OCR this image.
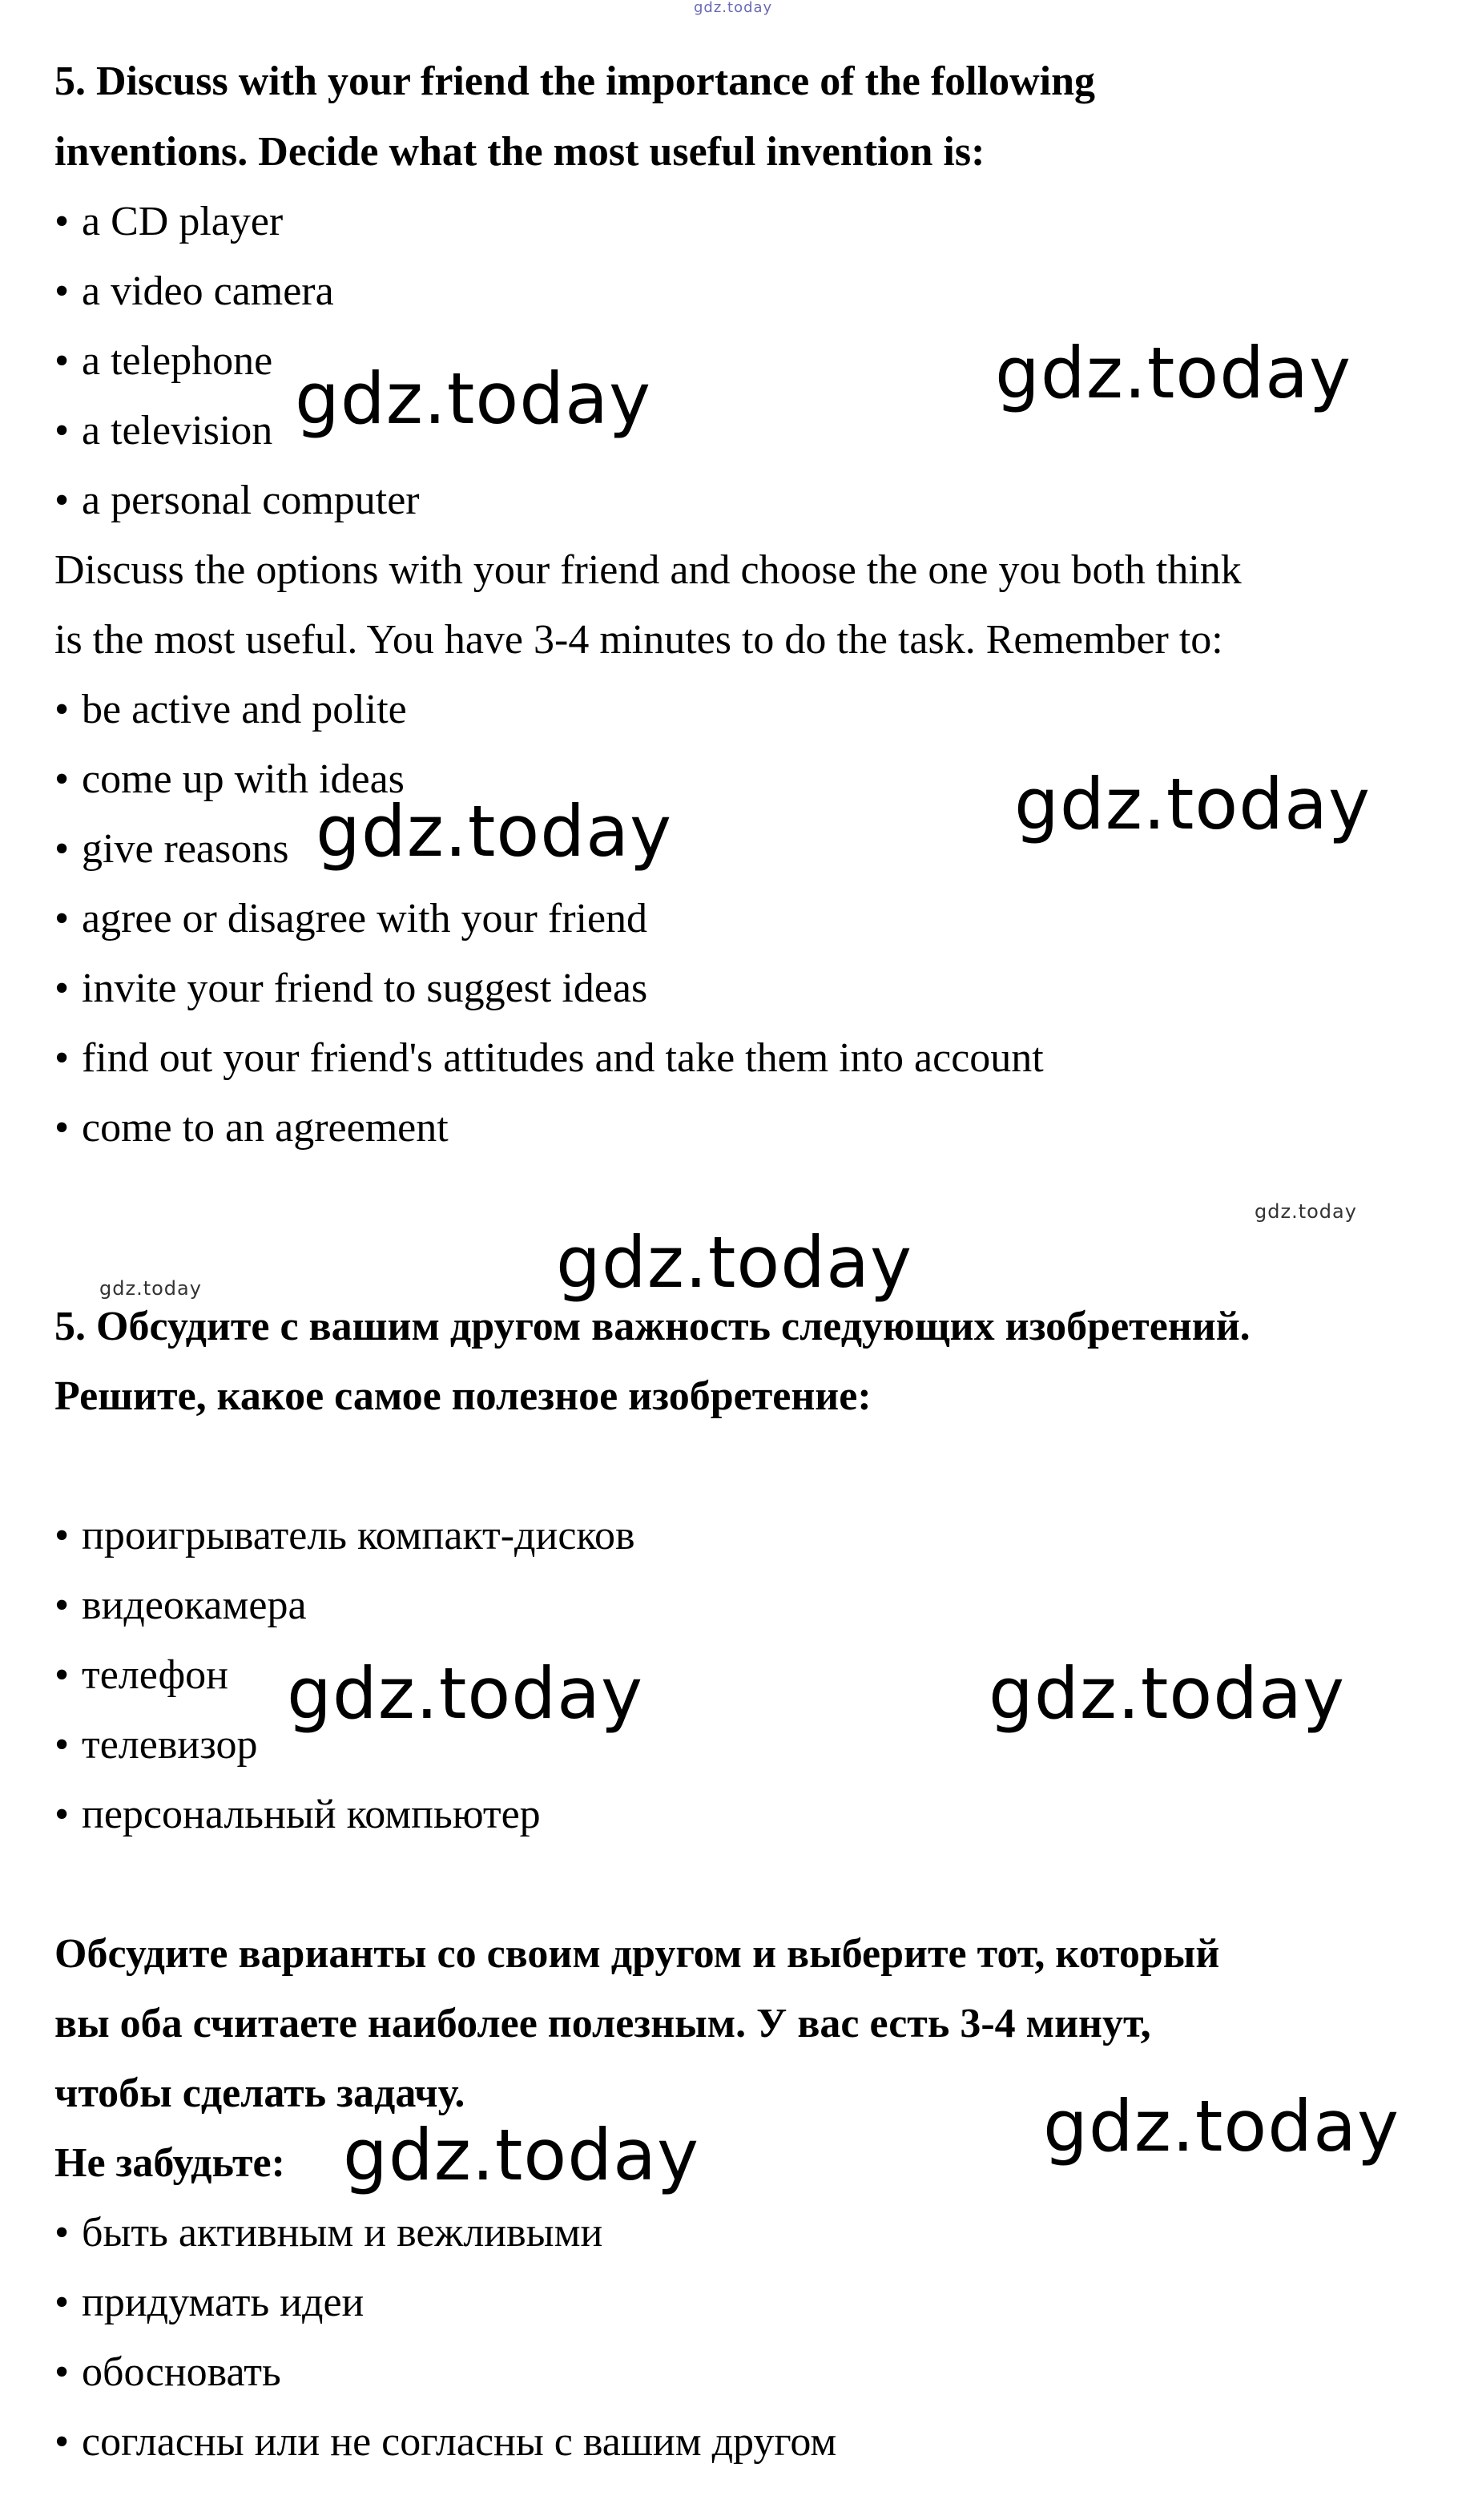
gdz.today
5. Discuss with your friend the importance of the following
inventions. Decide what the most useful invention is:
• a CD player
• a video camera
• a telephone
• a television
• a personal computer
Discuss the options with your friend and choose the one you both think
is the most useful. You have 3-4 minutes to do the task. Remember to:
• be active and polite
• come up with ideas
• give reasons
• agree or disagree with your friend
• invite your friend to suggest ideas
• find out your friend's attitudes and take them into account
• come to an agreement
5. Обсудите с вашим другом важность следующих изобретений.
Решите, какое самое полезное изобретение:
• проигрыватель компакт-дисков
• видеокамера
• телефон
• телевизор
• персональный компьютер
Обсудите варианты со своим другом и выберите тот, который
вы оба считаете наиболее полезным. У вас есть 3-4 минут,
чтобы сделать задачу.
Не забудьте:
• быть активным и вежливыми
• придумать идеи
• обосновать
• согласны или не согласны с вашим другом
gdz.today	gdz.today
gdz.today	gdz.today
gdz.today
gdz.today	gdz.today
gdz.today	gdz.today
gdz.today
gdz.today
